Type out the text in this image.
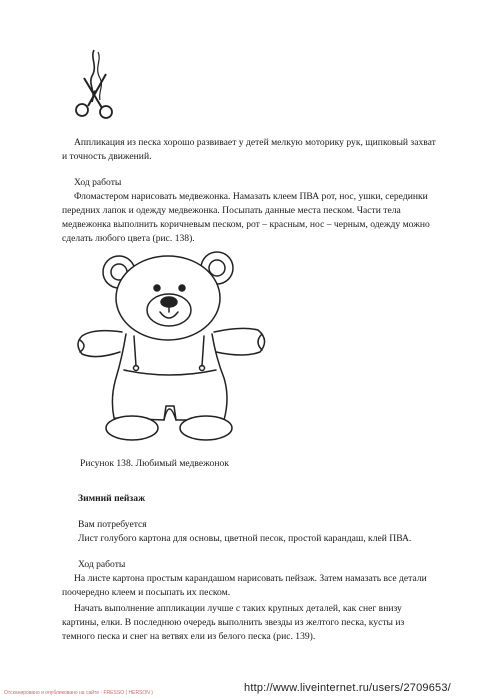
Аппликация из песка хорошо развивает у детей мелкую моторику рук, щипковый захват
и точность движений.
Ход работы
Фломастером нарисовать медвежонка. Намазать клеем ПВА рот, нос, ушки, серединки
передних лапок и одежду медвежонка. Посыпать данные места песком. Части тела
медвежонка выполнить коричневым песком, рот – красным, нос – черным, одежду можно
сделать любого цвета (рис. 138).
Рисунок 138. Любимый медвежонок
Зимний пейзаж
Вам потребуется
Лист голубого картона для основы, цветной песок, простой карандаш, клей ПВА.
Ход работы
На листе картона простым карандашом нарисовать пейзаж. Затем намазать все детали
поочередно клеем и посыпать их песком.
Начать выполнение аппликации лучше с таких крупных деталей, как снег внизу
картины, елки. В последнюю очередь выполнить звезды из желтого песка, кусты из
темного песка и снег на ветвях ели из белого песка (рис. 139).
Отсканировано и опубликовано на сайте · FRESSO ( HERSON )	http://www.liveinternet.ru/users/2709653/
